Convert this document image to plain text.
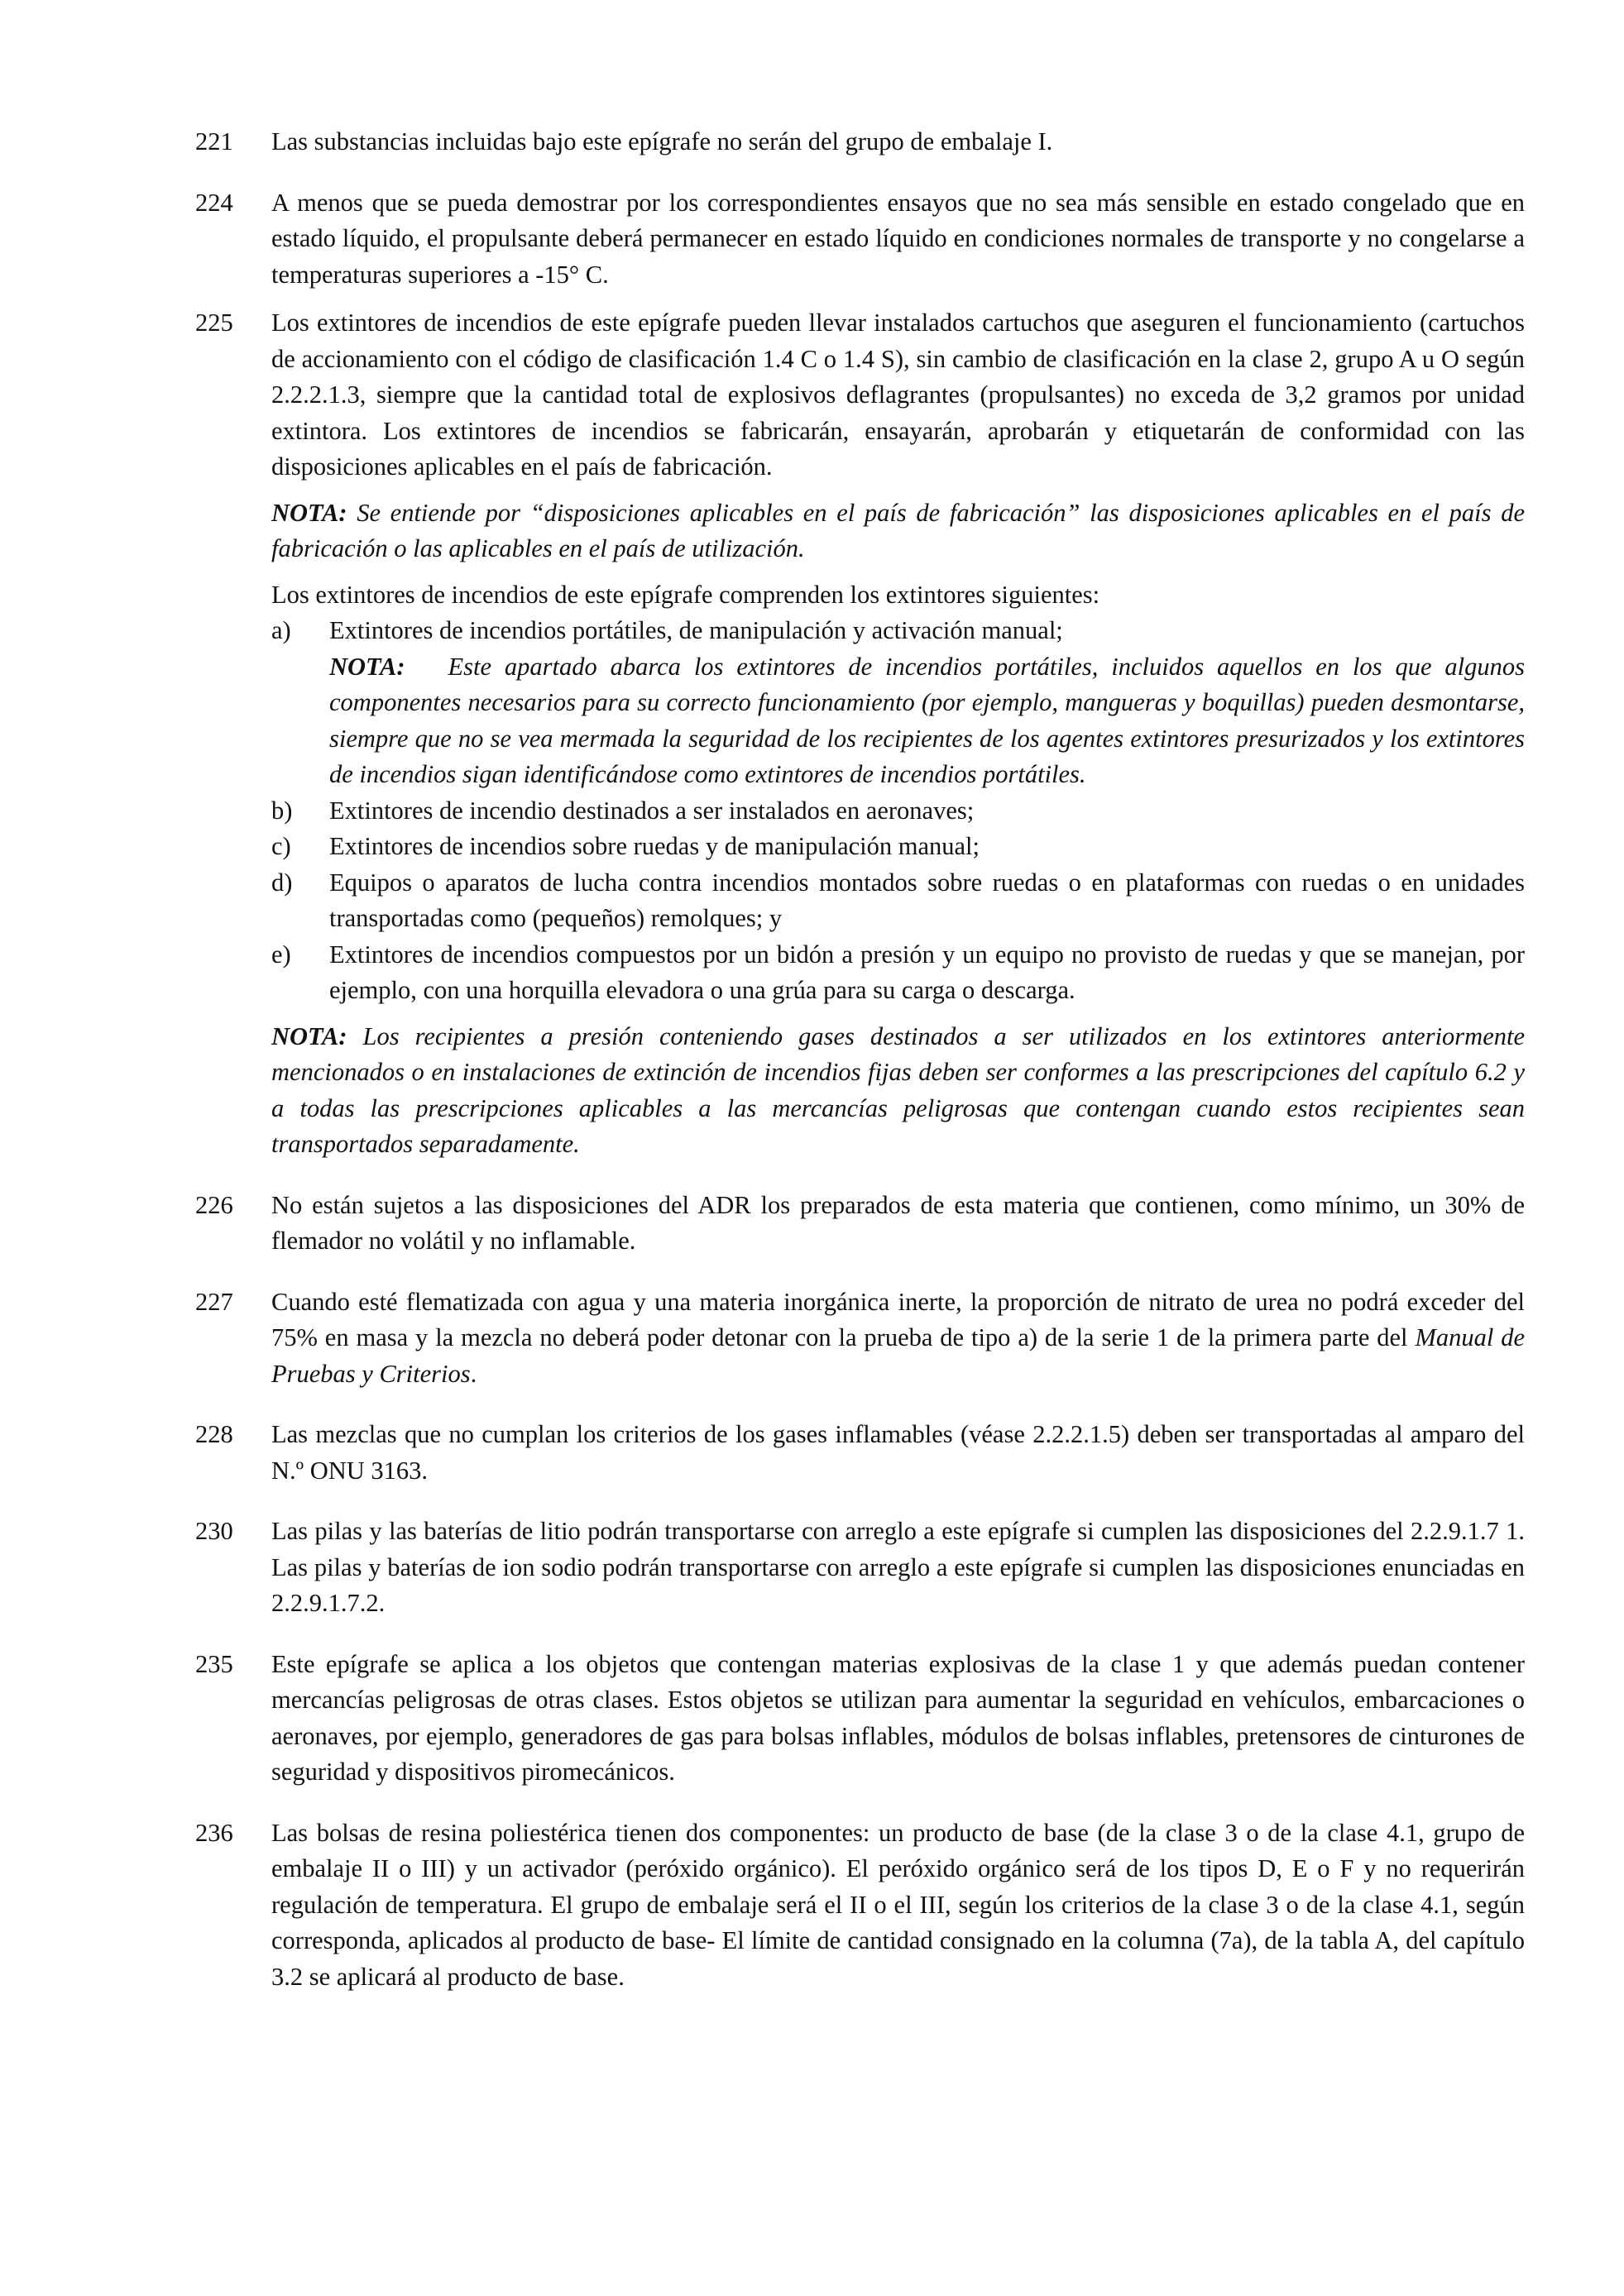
221	Las substancias incluidas bajo este epígrafe no serán del grupo de embalaje I.

224	A menos que se pueda demostrar por los correspondientes ensayos que no sea más sensible en estado congelado que en estado líquido, el propulsante deberá permanecer en estado líquido en condiciones normales de transporte y no congelarse a temperaturas superiores a -15° C.

225	Los extintores de incendios de este epígrafe pueden llevar instalados cartuchos que aseguren el funcionamiento (cartuchos de accionamiento con el código de clasificación 1.4 C o 1.4 S), sin cambio de clasificación en la clase 2, grupo A u O según 2.2.2.1.3, siempre que la cantidad total de explosivos deflagrantes (propulsantes) no exceda de 3,2 gramos por unidad extintora. Los extintores de incendios se fabricarán, ensayarán, aprobarán y etiquetarán de conformidad con las disposiciones aplicables en el país de fabricación.

NOTA: Se entiende por “disposiciones aplicables en el país de fabricación” las disposiciones aplicables en el país de fabricación o las aplicables en el país de utilización.

Los extintores de incendios de este epígrafe comprenden los extintores siguientes:

a)	Extintores de incendios portátiles, de manipulación y activación manual;

NOTA: Este apartado abarca los extintores de incendios portátiles, incluidos aquellos en los que algunos componentes necesarios para su correcto funcionamiento (por ejemplo, mangueras y boquillas) pueden desmontarse, siempre que no se vea mermada la seguridad de los recipientes de los agentes extintores presurizados y los extintores de incendios sigan identificándose como extintores de incendios portátiles.

b)	Extintores de incendio destinados a ser instalados en aeronaves;
c)	Extintores de incendios sobre ruedas y de manipulación manual;
d)	Equipos o aparatos de lucha contra incendios montados sobre ruedas o en plataformas con ruedas o en unidades transportadas como (pequeños) remolques; y
e)	Extintores de incendios compuestos por un bidón a presión y un equipo no provisto de ruedas y que se manejan, por ejemplo, con una horquilla elevadora o una grúa para su carga o descarga.

NOTA: Los recipientes a presión conteniendo gases destinados a ser utilizados en los extintores anteriormente mencionados o en instalaciones de extinción de incendios fijas deben ser conformes a las prescripciones del capítulo 6.2 y a todas las prescripciones aplicables a las mercancías peligrosas que contengan cuando estos recipientes sean transportados separadamente.

226	No están sujetos a las disposiciones del ADR los preparados de esta materia que contienen, como mínimo, un 30% de flemador no volátil y no inflamable.

227	Cuando esté flematizada con agua y una materia inorgánica inerte, la proporción de nitrato de urea no podrá exceder del 75% en masa y la mezcla no deberá poder detonar con la prueba de tipo a) de la serie 1 de la primera parte del Manual de Pruebas y Criterios.

228	Las mezclas que no cumplan los criterios de los gases inflamables (véase 2.2.2.1.5) deben ser transportadas al amparo del N.º ONU 3163.

230	Las pilas y las baterías de litio podrán transportarse con arreglo a este epígrafe si cumplen las disposiciones del 2.2.9.1.7 1. Las pilas y baterías de ion sodio podrán transportarse con arreglo a este epígrafe si cumplen las disposiciones enunciadas en 2.2.9.1.7.2.

235	Este epígrafe se aplica a los objetos que contengan materias explosivas de la clase 1 y que además puedan contener mercancías peligrosas de otras clases. Estos objetos se utilizan para aumentar la seguridad en vehículos, embarcaciones o aeronaves, por ejemplo, generadores de gas para bolsas inflables, módulos de bolsas inflables, pretensores de cinturones de seguridad y dispositivos piromecánicos.

236	Las bolsas de resina poliestérica tienen dos componentes: un producto de base (de la clase 3 o de la clase 4.1, grupo de embalaje II o III) y un activador (peróxido orgánico). El peróxido orgánico será de los tipos D, E o F y no requerirán regulación de temperatura. El grupo de embalaje será el II o el III, según los criterios de la clase 3 o de la clase 4.1, según corresponda, aplicados al producto de base- El límite de cantidad consignado en la columna (7a), de la tabla A, del capítulo 3.2 se aplicará al producto de base.
